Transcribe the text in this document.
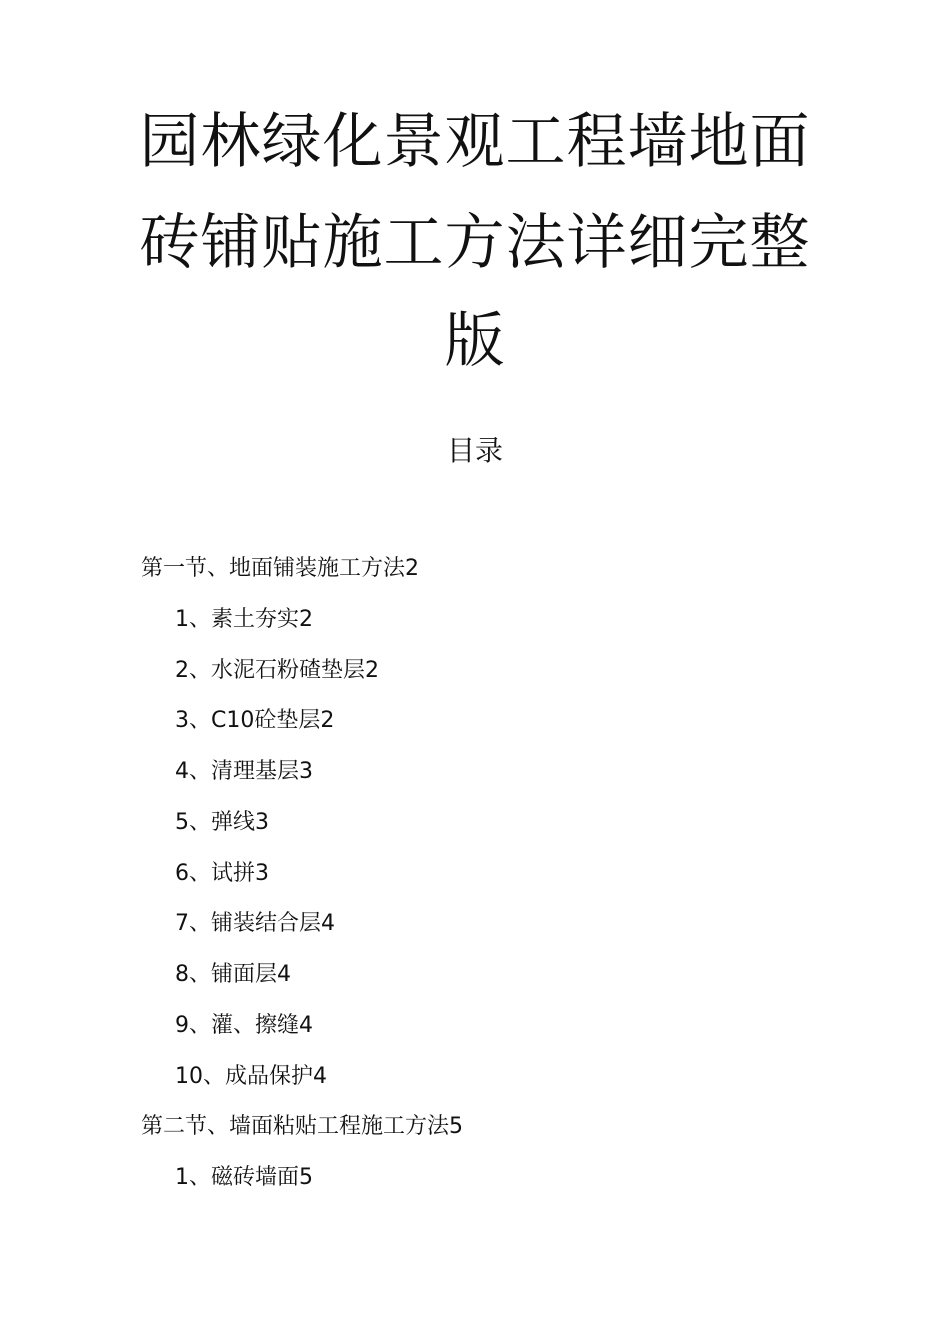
园林绿化景观工程墙地面
砖铺贴施工方法详细完整
版
目录
第一节、地面铺装施工方法2
1、素土夯实2
2、水泥石粉碴垫层2
3、C10砼垫层2
4、清理基层3
5、弹线3
6、试拼3
7、铺装结合层4
8、铺面层4
9、灌、擦缝4
10、成品保护4
第二节、墙面粘贴工程施工方法5
1、磁砖墙面5
